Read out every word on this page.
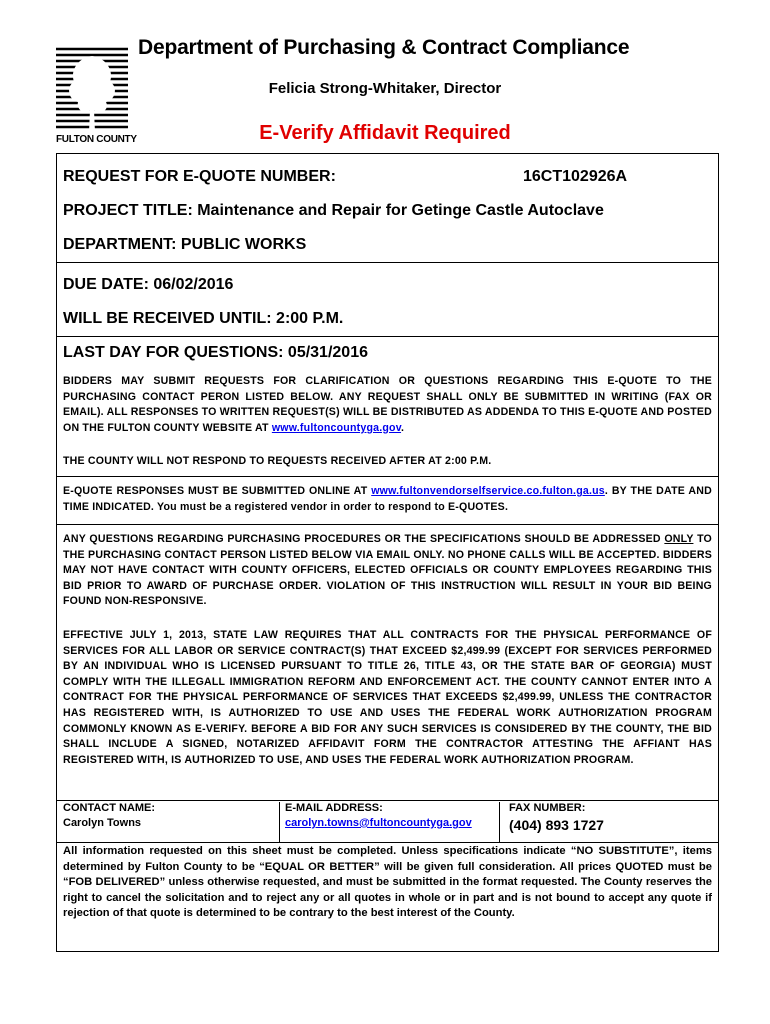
FULTON COUNTY
Department of Purchasing & Contract Compliance
Felicia Strong-Whitaker, Director
E-Verify Affidavit Required
REQUEST FOR E-QUOTE NUMBER:	16CT102926A
PROJECT TITLE: Maintenance and Repair for Getinge Castle Autoclave
DEPARTMENT: PUBLIC WORKS
DUE DATE: 06/02/2016
WILL BE RECEIVED UNTIL: 2:00 P.M.
LAST DAY FOR QUESTIONS: 05/31/2016
BIDDERS MAY SUBMIT REQUESTS FOR CLARIFICATION OR QUESTIONS REGARDING THIS E-QUOTE TO THE PURCHASING CONTACT PERON LISTED BELOW. ANY REQUEST SHALL ONLY BE SUBMITTED IN WRITING (FAX OR EMAIL). ALL RESPONSES TO WRITTEN REQUEST(S) WILL BE DISTRIBUTED AS ADDENDA TO THIS E-QUOTE AND POSTED ON THE FULTON COUNTY WEBSITE AT www.fultoncountyga.gov.
THE COUNTY WILL NOT RESPOND TO REQUESTS RECEIVED AFTER AT 2:00 P.M.
E-QUOTE RESPONSES MUST BE SUBMITTED ONLINE AT www.fultonvendorselfservice.co.fulton.ga.us. BY THE DATE AND TIME INDICATED. You must be a registered vendor in order to respond to E-QUOTES.
ANY QUESTIONS REGARDING PURCHASING PROCEDURES OR THE SPECIFICATIONS SHOULD BE ADDRESSED ONLY TO THE PURCHASING CONTACT PERSON LISTED BELOW VIA EMAIL ONLY. NO PHONE CALLS WILL BE ACCEPTED. BIDDERS MAY NOT HAVE CONTACT WITH COUNTY OFFICERS, ELECTED OFFICIALS OR COUNTY EMPLOYEES REGARDING THIS BID PRIOR TO AWARD OF PURCHASE ORDER. VIOLATION OF THIS INSTRUCTION WILL RESULT IN YOUR BID BEING FOUND NON-RESPONSIVE.
EFFECTIVE JULY 1, 2013, STATE LAW REQUIRES THAT ALL CONTRACTS FOR THE PHYSICAL PERFORMANCE OF SERVICES FOR ALL LABOR OR SERVICE CONTRACT(S) THAT EXCEED $2,499.99 (EXCEPT FOR SERVICES PERFORMED BY AN INDIVIDUAL WHO IS LICENSED PURSUANT TO TITLE 26, TITLE 43, OR THE STATE BAR OF GEORGIA) MUST COMPLY WITH THE ILLEGALL IMMIGRATION REFORM AND ENFORCEMENT ACT. THE COUNTY CANNOT ENTER INTO A CONTRACT FOR THE PHYSICAL PERFORMANCE OF SERVICES THAT EXCEEDS $2,499.99, UNLESS THE CONTRACTOR HAS REGISTERED WITH, IS AUTHORIZED TO USE AND USES THE FEDERAL WORK AUTHORIZATION PROGRAM COMMONLY KNOWN AS E-VERIFY. BEFORE A BID FOR ANY SUCH SERVICES IS CONSIDERED BY THE COUNTY, THE BID SHALL INCLUDE A SIGNED, NOTARIZED AFFIDAVIT FORM THE CONTRACTOR ATTESTING THE AFFIANT HAS REGISTERED WITH, IS AUTHORIZED TO USE, AND USES THE FEDERAL WORK AUTHORIZATION PROGRAM.
CONTACT NAME:
Carolyn Towns
E-MAIL ADDRESS:
carolyn.towns@fultoncountyga.gov
FAX NUMBER:
(404) 893 1727
All information requested on this sheet must be completed. Unless specifications indicate “NO SUBSTITUTE”, items determined by Fulton County to be “EQUAL OR BETTER” will be given full consideration. All prices QUOTED must be “FOB DELIVERED” unless otherwise requested, and must be submitted in the format requested. The County reserves the right to cancel the solicitation and to reject any or all quotes in whole or in part and is not bound to accept any quote if rejection of that quote is determined to be contrary to the best interest of the County.
